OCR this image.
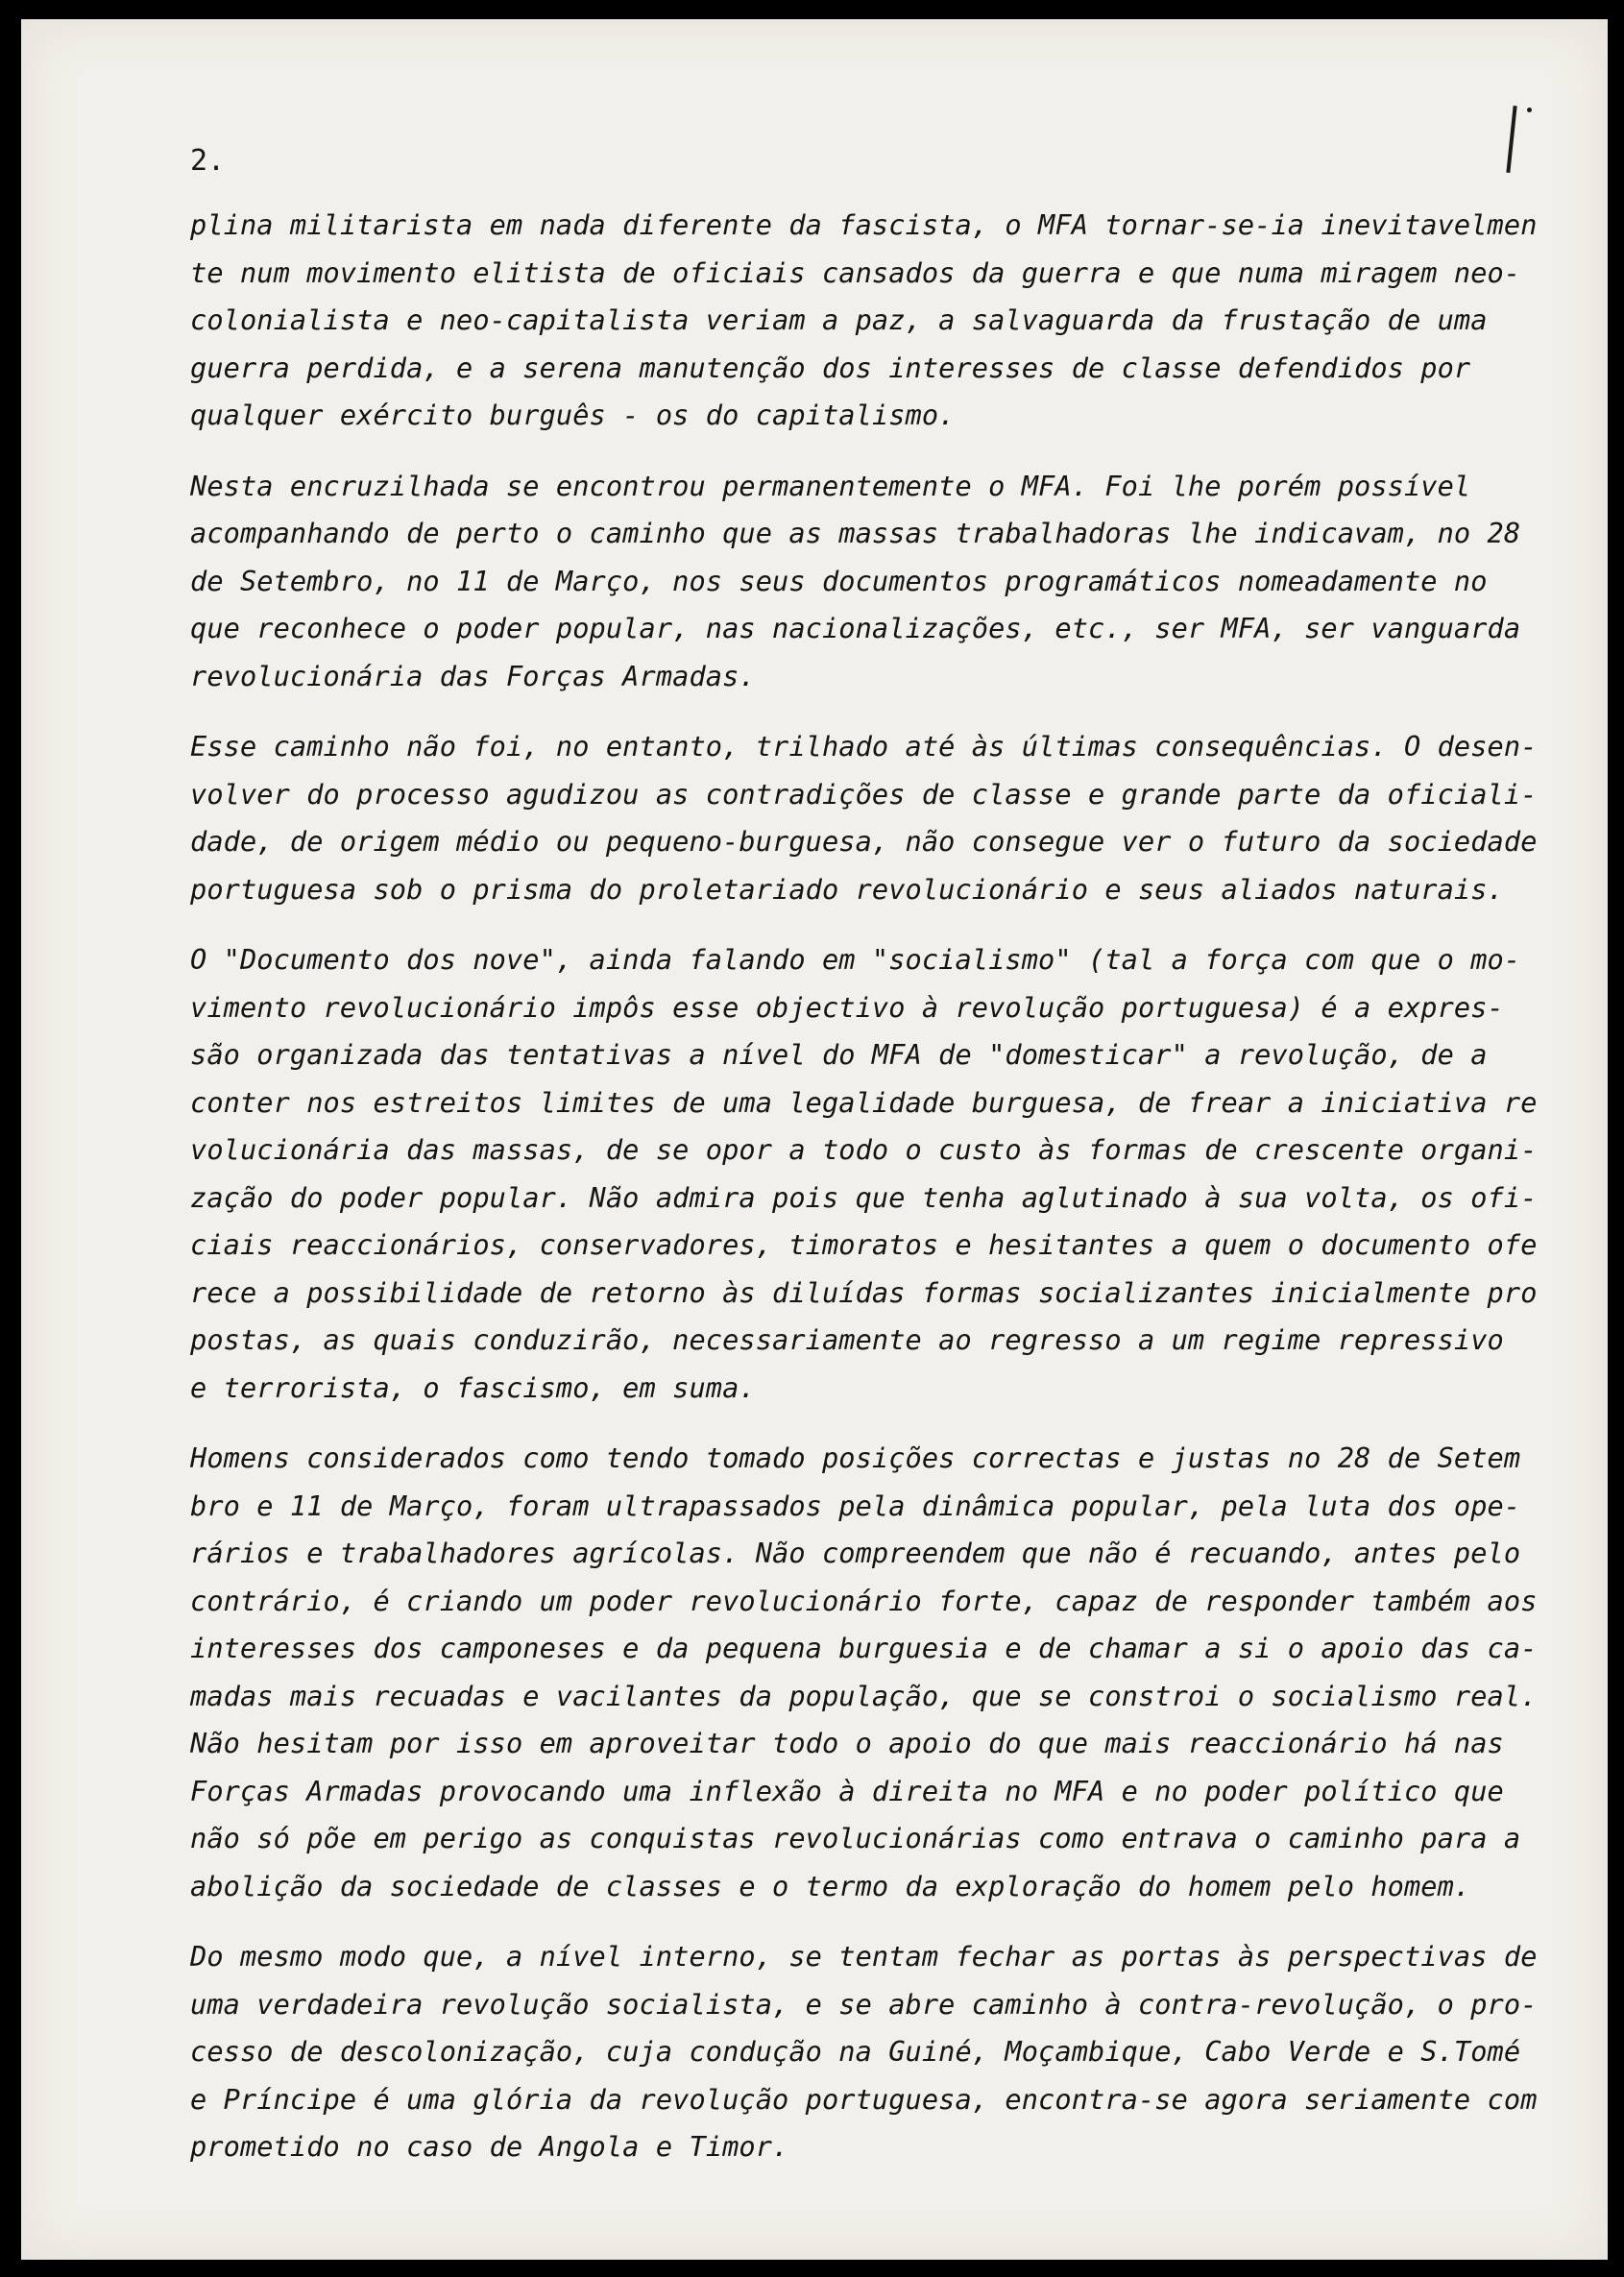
2.
plina militarista em nada diferente da fascista, o MFA tornar-se-ia inevitavelmen
te num movimento elitista de oficiais cansados da guerra e que numa miragem neo-
colonialista e neo-capitalista veriam a paz, a salvaguarda da frustação de uma
guerra perdida, e a serena manutenção dos interesses de classe defendidos por
qualquer exército burguês - os do capitalismo.
Nesta encruzilhada se encontrou permanentemente o MFA. Foi lhe porém possível
acompanhando de perto o caminho que as massas trabalhadoras lhe indicavam, no 28
de Setembro, no 11 de Março, nos seus documentos programáticos nomeadamente no
que reconhece o poder popular, nas nacionalizações, etc., ser MFA, ser vanguarda
revolucionária das Forças Armadas.
Esse caminho não foi, no entanto, trilhado até às últimas consequências. O desen-
volver do processo agudizou as contradições de classe e grande parte da oficiali-
dade, de origem médio ou pequeno-burguesa, não consegue ver o futuro da sociedade
portuguesa sob o prisma do proletariado revolucionário e seus aliados naturais.
O "Documento dos nove", ainda falando em "socialismo" (tal a força com que o mo-
vimento revolucionário impôs esse objectivo à revolução portuguesa) é a expres-
são organizada das tentativas a nível do MFA de "domesticar" a revolução, de a
conter nos estreitos limites de uma legalidade burguesa, de frear a iniciativa re
volucionária das massas, de se opor a todo o custo às formas de crescente organi-
zação do poder popular. Não admira pois que tenha aglutinado à sua volta, os ofi-
ciais reaccionários, conservadores, timoratos e hesitantes a quem o documento ofe
rece a possibilidade de retorno às diluídas formas socializantes inicialmente pro
postas, as quais conduzirão, necessariamente ao regresso a um regime repressivo
e terrorista, o fascismo, em suma.
Homens considerados como tendo tomado posições correctas e justas no 28 de Setem
bro e 11 de Março, foram ultrapassados pela dinâmica popular, pela luta dos ope-
rários e trabalhadores agrícolas. Não compreendem que não é recuando, antes pelo
contrário, é criando um poder revolucionário forte, capaz de responder também aos
interesses dos camponeses e da pequena burguesia e de chamar a si o apoio das ca-
madas mais recuadas e vacilantes da população, que se constroi o socialismo real.
Não hesitam por isso em aproveitar todo o apoio do que mais reaccionário há nas
Forças Armadas provocando uma inflexão à direita no MFA e no poder político que
não só põe em perigo as conquistas revolucionárias como entrava o caminho para a
abolição da sociedade de classes e o termo da exploração do homem pelo homem.
Do mesmo modo que, a nível interno, se tentam fechar as portas às perspectivas de
uma verdadeira revolução socialista, e se abre caminho à contra-revolução, o pro-
cesso de descolonização, cuja condução na Guiné, Moçambique, Cabo Verde e S.Tomé
e Príncipe é uma glória da revolução portuguesa, encontra-se agora seriamente com
prometido no caso de Angola e Timor.
